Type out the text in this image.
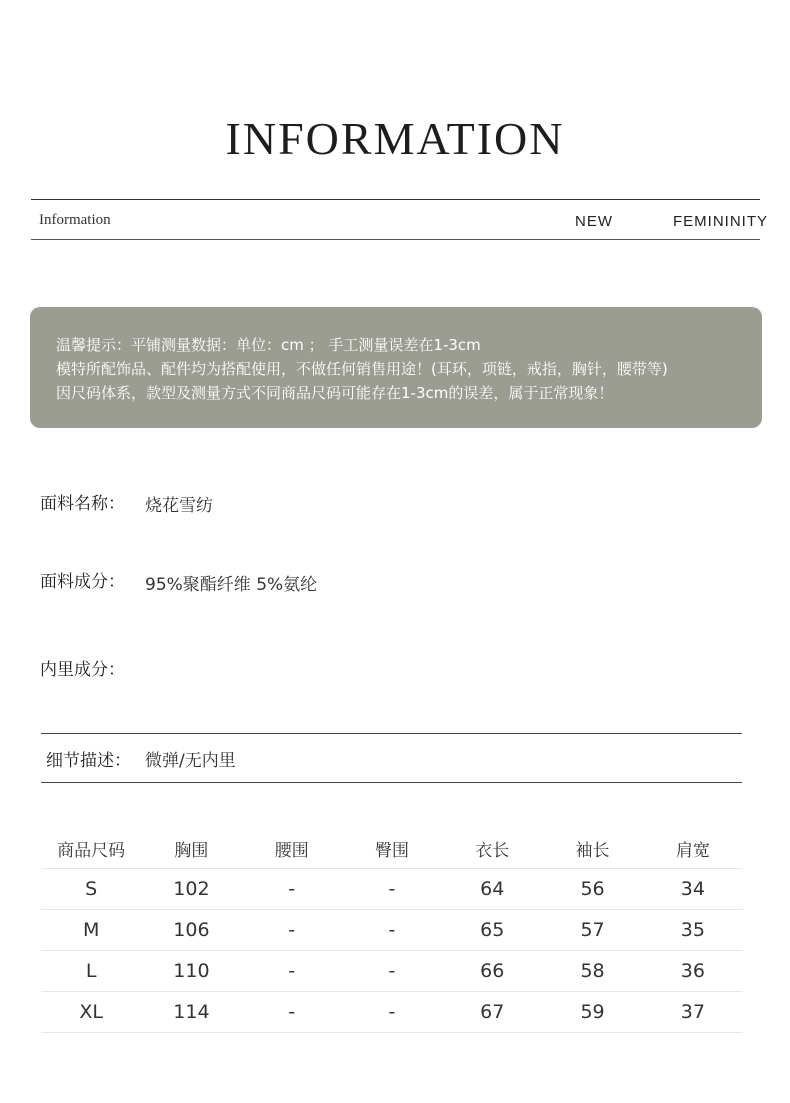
INFORMATION
Information	NEW	FEMININITY
温馨提示：平铺测量数据：单位：cm ； 手工测量误差在1-3cm
模特所配饰品、配件均为搭配使用，不做任何销售用途！(耳环，项链，戒指，胸针，腰带等)
因尺码体系，款型及测量方式不同商品尺码可能存在1-3cm的误差，属于正常现象！
面料名称： 烧花雪纺
面料成分： 95%聚酯纤维 5%氨纶
内里成分：
细节描述： 微弹/无内里
商品尺码	胸围	腰围	臀围	衣长	袖长	肩宽
S	102	-	-	64	56	34
M	106	-	-	65	57	35
L	110	-	-	66	58	36
XL	114	-	-	67	59	37
